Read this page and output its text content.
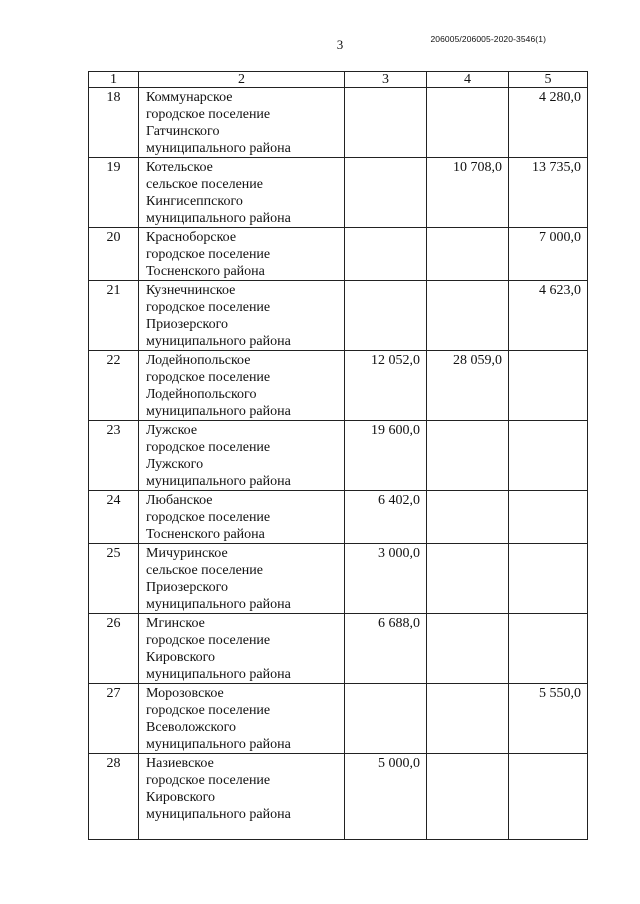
3	206005/206005-2020-3546(1)
1	2	3	4	5
18	Коммунарское
городское поселение
Гатчинского
муниципального района			4 280,0
19	Котельское
сельское поселение
Кингисеппского
муниципального района		10 708,0	13 735,0
20	Красноборское
городское поселение
Тосненского района			7 000,0
21	Кузнечнинское
городское поселение
Приозерского
муниципального района			4 623,0
22	Лодейнопольское
городское поселение
Лодейнопольского
муниципального района	12 052,0	28 059,0	
23	Лужское
городское поселение
Лужского
муниципального района	19 600,0		
24	Любанское
городское поселение
Тосненского района	6 402,0		
25	Мичуринское
сельское поселение
Приозерского
муниципального района	3 000,0		
26	Мгинское
городское поселение
Кировского
муниципального района	6 688,0		
27	Морозовское
городское поселение
Всеволожского
муниципального района			5 550,0
28	Назиевское
городское поселение
Кировского
муниципального района	5 000,0		
